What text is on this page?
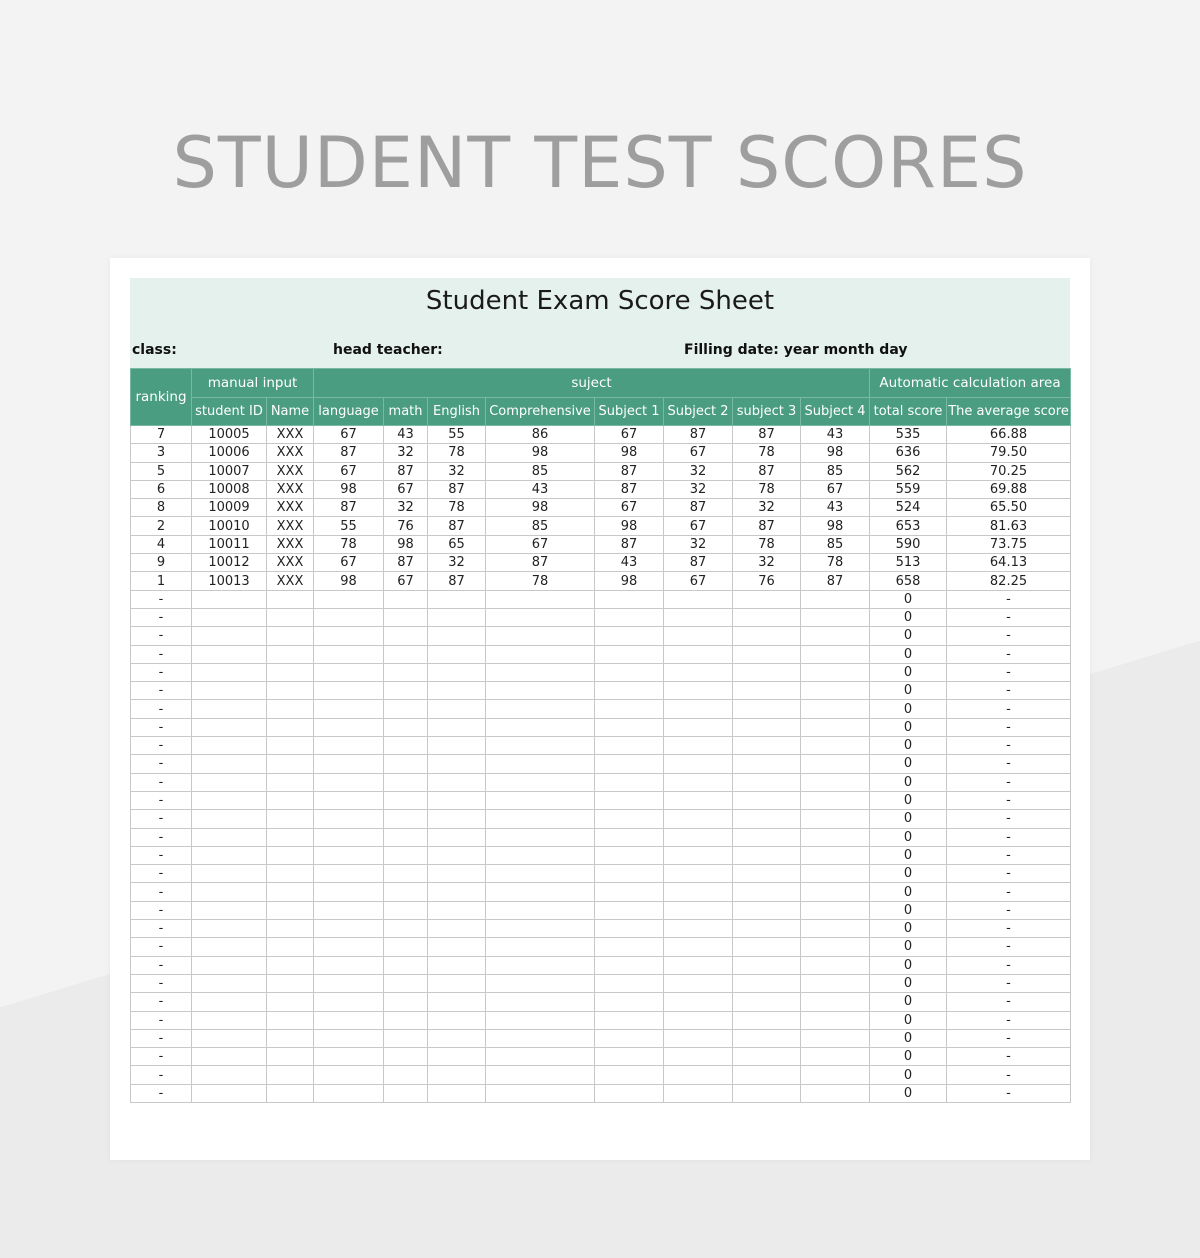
STUDENT TEST SCORES
Student Exam Score Sheet
class:	head teacher:	Filling date: year month day
ranking	manual input		suject								Automatic calculation area	
	student ID	Name	language	math	English	Comprehensive	Subject 1	Subject 2	subject 3	Subject 4	total score	The average score
7	10005	XXX	67	43	55	86	67	87	87	43	535	66.88
3	10006	XXX	87	32	78	98	98	67	78	98	636	79.50
5	10007	XXX	67	87	32	85	87	32	87	85	562	70.25
6	10008	XXX	98	67	87	43	87	32	78	67	559	69.88
8	10009	XXX	87	32	78	98	67	87	32	43	524	65.50
2	10010	XXX	55	76	87	85	98	67	87	98	653	81.63
4	10011	XXX	78	98	65	67	87	32	78	85	590	73.75
9	10012	XXX	67	87	32	87	43	87	32	78	513	64.13
1	10013	XXX	98	67	87	78	98	67	76	87	658	82.25
-											0	-
-											0	-
-											0	-
-											0	-
-											0	-
-											0	-
-											0	-
-											0	-
-											0	-
-											0	-
-											0	-
-											0	-
-											0	-
-											0	-
-											0	-
-											0	-
-											0	-
-											0	-
-											0	-
-											0	-
-											0	-
-											0	-
-											0	-
-											0	-
-											0	-
-											0	-
-											0	-
-											0	-
